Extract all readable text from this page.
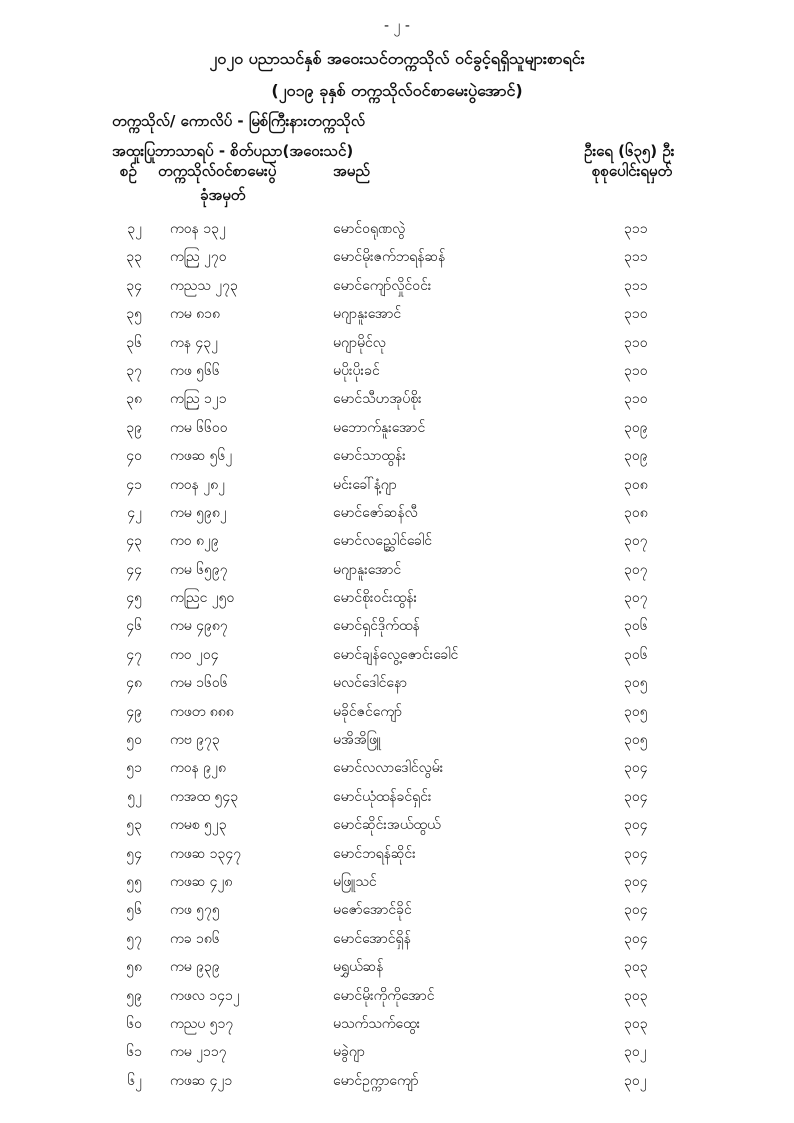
- ၂ -
၂၀၂၀ ပညာသင်နှစ် အဝေးသင်တက္ကသိုလ် ဝင်ခွင့်ရရှိသူများစာရင်း
(၂၀၁၉ ခုနှစ် တက္ကသိုလ်ဝင်စာမေးပွဲအောင်)
တက္ကသိုလ်/ ကောလိပ် - မြစ်ကြီးနားတက္ကသိုလ်
အထူးပြုဘာသာရပ် - စိတ်ပညာ(အဝေးသင်)	ဦးရေ (၆၃၅) ဦး
စဉ် တက္ကသိုလ်ဝင်စာမေးပွဲ
ခုံအမှတ်
အမည်	စုစုပေါင်းရမှတ်
၃၂ ကဝန ၁၃၂	မောင်ဝရုဏလွဲ	၃၁၁
၃၃ ကညြ ၂၇၀	မောင်မိုးဇက်ဘရန်ဆန်	၃၁၁
၃၄ ကညသ ၂၇၃	မောင်ကျော်လှိုင်ဝင်း	၃၁၁
၃၅ ကမ ၈၁၈	မဂျာနူးအောင်	၃၁၀
၃၆ ကန ၄၃၂	မဂျာမိုင်လု	၃၁၀
၃၇ ကဖ ၅၆၆	မပိုးပိုးခင်	၃၁၀
၃၈ ကညြ ၁၂၁	မောင်သီဟအုပ်စိုး	၃၁၀
၃၉ ကမ ၆၆၀၀	မဘောက်နူးအောင်	၃၀၉
၄၀ ကဖဆ ၅၆၂	မောင်သာထွန်း	၃၀၉
၄၁ ကဝန ၂၈၂	မင်းခေါ်နံ့ဂျာ	၃၀၈
၄၂ ကမ ၅၉၈၂	မောင်ဇော်ဆန်လီ	၃၀၈
၄၃ ကဝ ၈၂၉	မောင်လည္ဆေါင်ခေါင်	၃၀၇
၄၄ ကမ ၆၅၉၇	မဂျာနူးအောင်	၃၀၇
၄၅ ကညြင ၂၅၀	မောင်စိုးဝင်းထွန်း	၃၀၇
၄၆ ကမ ၄၉၈၇	မောင်ရှင်ဒိုက်ထန်	၃၀၆
၄၇ ကဝ ၂၀၄	မောင်ချန်လွေ့ဇောင်းခေါင်	၃၀၆
၄၈ ကမ ၁၆၀၆	မလင်ဒေါင်နော	၃၀၅
၄၉ ကဖတ ၈၈၈	မခိုင်ဇင်ကျော်	၃၀၅
၅၀ ကဗ ၉၇၃	မအိအိဖြူ	၃၀၅
၅၁ ကဝန ၉၂၈	မောင်လလာဒေါင်လွမ်း	၃၀၄
၅၂ ကအထ ၅၄၃	မောင်ယုံထန်ခင်ရှင်း	၃၀၄
၅၃ ကမစ ၅၂၃	မောင်ဆိုင်းအယ်ထွယ်	၃၀၄
၅၄ ကဖဆ ၁၃၄၇	မောင်ဘရန်ဆိုင်း	၃၀၄
၅၅ ကဖဆ ၄၂၈	မဖြူသင်	၃၀၄
၅၆ ကဖ ၅၇၅	မဇော်အောင်ခိုင်	၃၀၄
၅၇ ကခ ၁၈၆	မောင်အောင်ရှိန်	၃၀၄
၅၈ ကမ ၉၃၉	မရွှယ်ဆန်	၃၀၃
၅၉ ကဖလ ၁၄၁၂	မောင်မိုးကိုကိုအောင်	၃၀၃
၆၀ ကညပ ၅၁၇	မသက်သက်ထွေး	၃၀၃
၆၁ ကမ ၂၁၁၇	မခွဲဂျာ	၃၀၂
၆၂ ကဖဆ ၄၂၁	မောင်ဥက္ကာကျော်	၃၀၂
